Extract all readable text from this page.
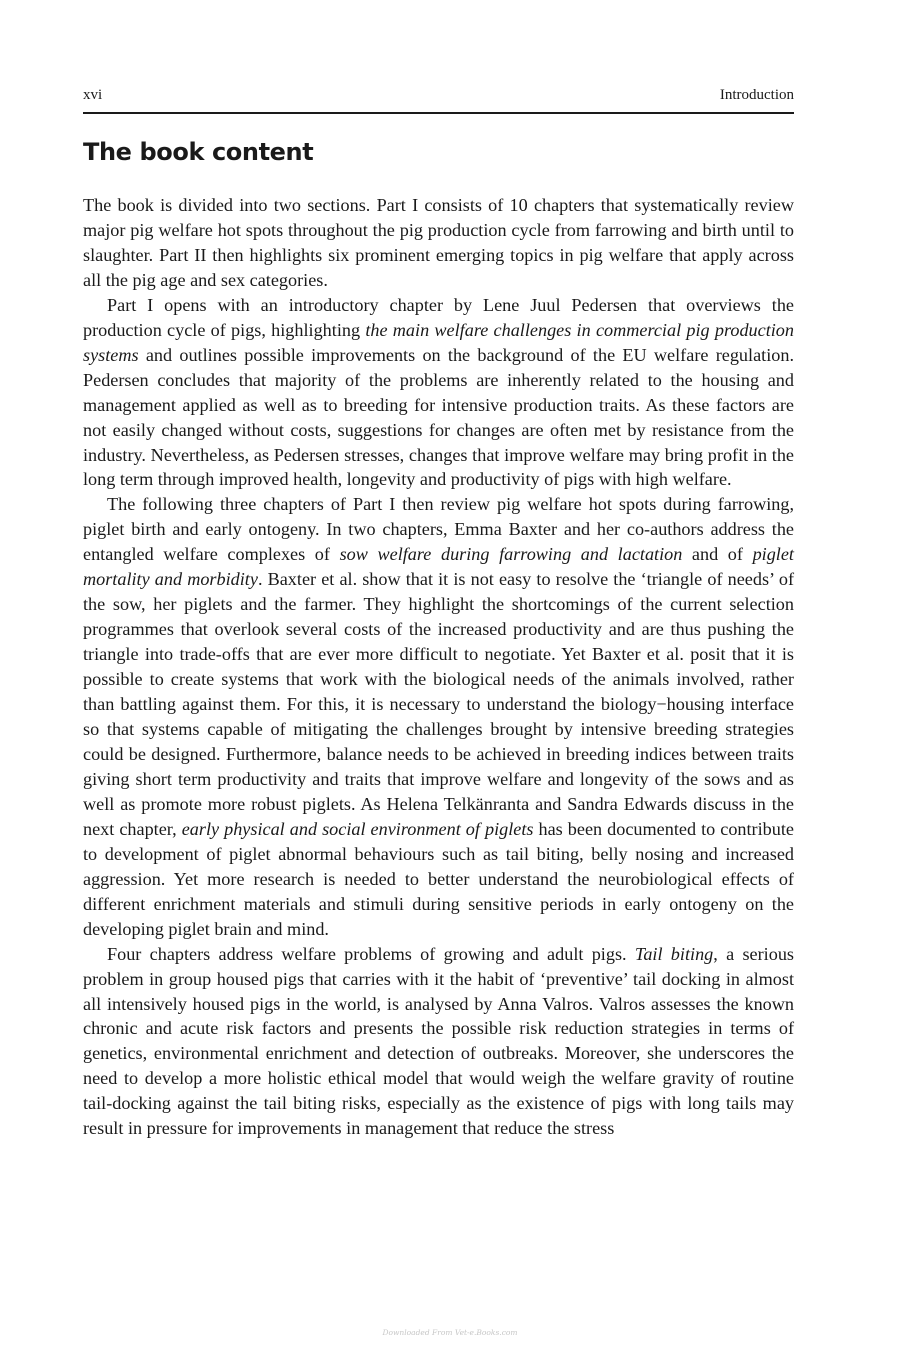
xvi	Introduction
The book content

The book is divided into two sections. Part I consists of 10 chapters that systematically review major pig welfare hot spots throughout the pig production cycle from farrowing and birth until to slaughter. Part II then highlights six prominent emerging topics in pig welfare that apply across all the pig age and sex categories.

Part I opens with an introductory chapter by Lene Juul Pedersen that overviews the production cycle of pigs, highlighting the main welfare challenges in commercial pig production systems and outlines possible improvements on the background of the EU welfare regulation. Pedersen concludes that majority of the problems are inherently related to the housing and management applied as well as to breeding for intensive production traits. As these factors are not easily changed without costs, suggestions for changes are often met by resistance from the industry. Nevertheless, as Pedersen stresses, changes that improve welfare may bring profit in the long term through improved health, longevity and productivity of pigs with high welfare.

The following three chapters of Part I then review pig welfare hot spots during farrowing, piglet birth and early ontogeny. In two chapters, Emma Baxter and her co-authors address the entangled welfare complexes of sow welfare during farrowing and lactation and of piglet mortality and morbidity. Baxter et al. show that it is not easy to resolve the ‘triangle of needs’ of the sow, her piglets and the farmer. They highlight the shortcomings of the current selection programmes that overlook several costs of the increased productivity and are thus pushing the triangle into trade-offs that are ever more difficult to negotiate. Yet Baxter et al. posit that it is possible to create systems that work with the biological needs of the animals involved, rather than battling against them. For this, it is necessary to understand the biology−housing interface so that systems capable of mitigating the challenges brought by intensive breeding strategies could be designed. Furthermore, balance needs to be achieved in breeding indices between traits giving short term productivity and traits that improve welfare and longevity of the sows and as well as promote more robust piglets. As Helena Telkänranta and Sandra Edwards discuss in the next chapter, early physical and social environment of piglets has been documented to contribute to development of piglet abnormal behaviours such as tail biting, belly nosing and increased aggression. Yet more research is needed to better understand the neurobiological effects of different enrichment materials and stimuli during sensitive periods in early ontogeny on the developing piglet brain and mind.

Four chapters address welfare problems of growing and adult pigs. Tail biting, a serious problem in group housed pigs that carries with it the habit of ‘preventive’ tail docking in almost all intensively housed pigs in the world, is analysed by Anna Valros. Valros assesses the known chronic and acute risk factors and presents the possible risk reduction strategies in terms of genetics, environmental enrichment and detection of outbreaks. Moreover, she underscores the need to develop a more holistic ethical model that would weigh the welfare gravity of routine tail-docking against the tail biting risks, especially as the existence of pigs with long tails may result in pressure for improvements in management that reduce the stress

Downloaded From Vet-e.Books.com
